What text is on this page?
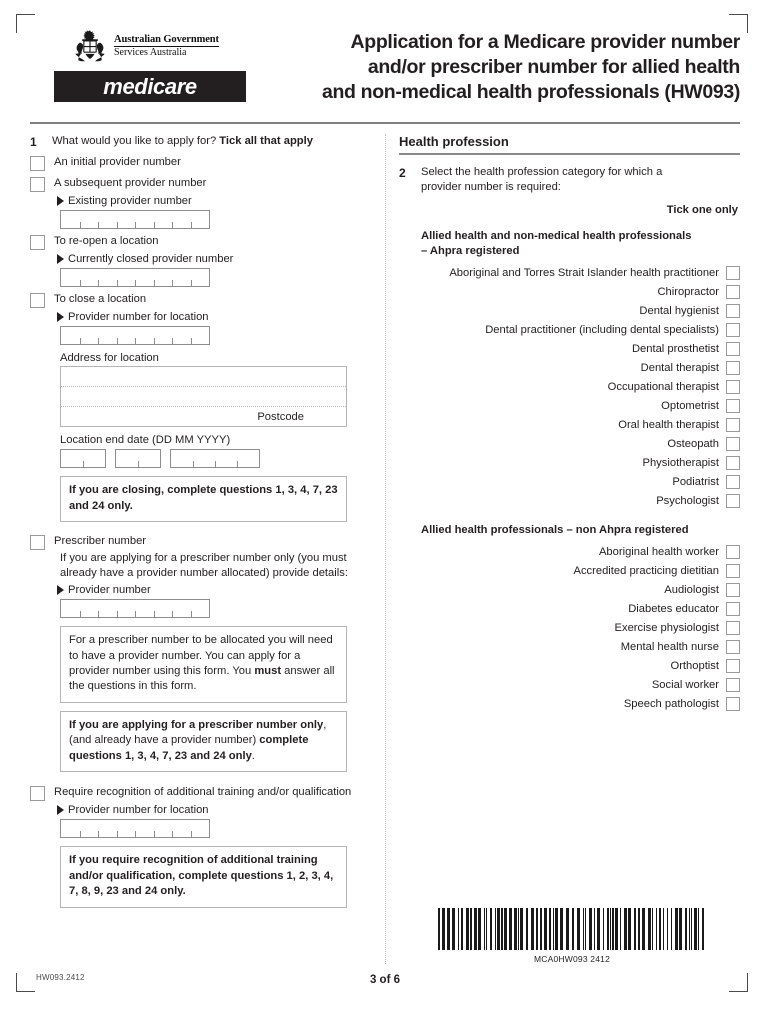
Australian Government
Services Australia
medicare
Application for a Medicare provider number
and/or prescriber number for allied health
and non-medical health professionals (HW093)
1	What would you like to apply for? Tick all that apply
An initial provider number
A subsequent provider number
Existing provider number
To re-open a location
Currently closed provider number
To close a location
Provider number for location
Address for location
Postcode
Location end date (DD MM YYYY)
If you are closing, complete questions 1, 3, 4, 7, 23 and 24 only.
Prescriber number
If you are applying for a prescriber number only (you must already have a provider number allocated) provide details:
Provider number
For a prescriber number to be allocated you will need to have a provider number. You can apply for a provider number using this form. You must answer all the questions in this form.
If you are applying for a prescriber number only, (and already have a provider number) complete questions 1, 3, 4, 7, 23 and 24 only.
Require recognition of additional training and/or qualification
Provider number for location
If you require recognition of additional training and/or qualification, complete questions 1, 2, 3, 4, 7, 8, 9, 23 and 24 only.
Health profession
2	Select the health profession category for which a provider number is required:
Tick one only
Allied health and non-medical health professionals
– Ahpra registered
Aboriginal and Torres Strait Islander health practitioner
Chiropractor
Dental hygienist
Dental practitioner (including dental specialists)
Dental prosthetist
Dental therapist
Occupational therapist
Optometrist
Oral health therapist
Osteopath
Physiotherapist
Podiatrist
Psychologist
Allied health professionals – non Ahpra registered
Aboriginal health worker
Accredited practicing dietitian
Audiologist
Diabetes educator
Exercise physiologist
Mental health nurse
Orthoptist
Social worker
Speech pathologist
MCA0HW093 2412
HW093.2412	3 of 6
